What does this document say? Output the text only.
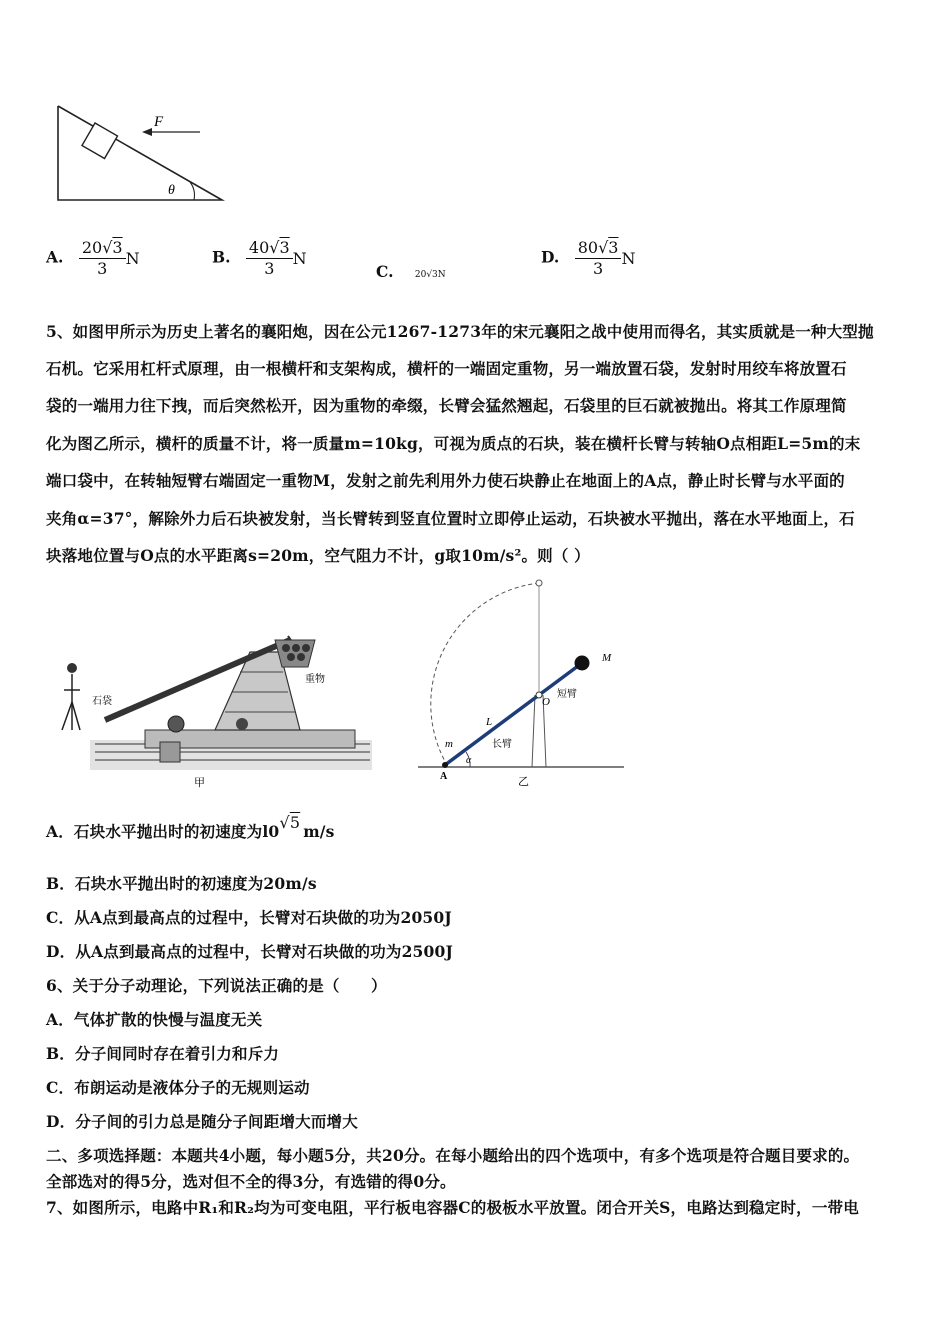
F
θ
A. $\frac{20√3}{3}$ N	B. $\frac{40√3}{3}$ N
C. 20√3N
D. $\frac{80√3}{3}$ N
5、如图甲所示为历史上著名的襄阳炮，因在公元1267-1273年的宋元襄阳之战中使用而得名，其实质就是一种大型抛
石机。它采用杠杆式原理，由一根横杆和支架构成，横杆的一端固定重物，另一端放置石袋，发射时用绞车将放置石
袋的一端用力往下拽，而后突然松开，因为重物的牵缀，长臂会猛然翘起，石袋里的巨石就被抛出。将其工作原理简
化为图乙所示，横杆的质量不计，将一质量m=10kg，可视为质点的石块，装在横杆长臂与转轴O点相距L=5m的末
端口袋中，在转轴短臂右端固定一重物M，发射之前先利用外力使石块静止在地面上的A点，静止时长臂与水平面的
夹角α=37°，解除外力后石块被发射，当长臂转到竖直位置时立即停止运动，石块被水平抛出，落在水平地面上，石
块落地位置与O点的水平距离s=20m，空气阻力不计，g取10m/s²。则（ ）
石袋
重物
甲
M
O
短臂
L
长臂
m
A
α
乙
A．石块水平抛出时的初速度为l0√5 m/s
B．石块水平抛出时的初速度为20m/s
C．从A点到最高点的过程中，长臂对石块做的功为2050J
D．从A点到最高点的过程中，长臂对石块做的功为2500J
6、关于分子动理论，下列说法正确的是（　　）
A．气体扩散的快慢与温度无关
B．分子间同时存在着引力和斥力
C．布朗运动是液体分子的无规则运动
D．分子间的引力总是随分子间距增大而增大
二、多项选择题：本题共4小题，每小题5分，共20分。在每小题给出的四个选项中，有多个选项是符合题目要求的。
全部选对的得5分，选对但不全的得3分，有选错的得0分。
7、如图所示，电路中R₁和R₂均为可变电阻，平行板电容器C的极板水平放置。闭合开关S，电路达到稳定时，一带电
